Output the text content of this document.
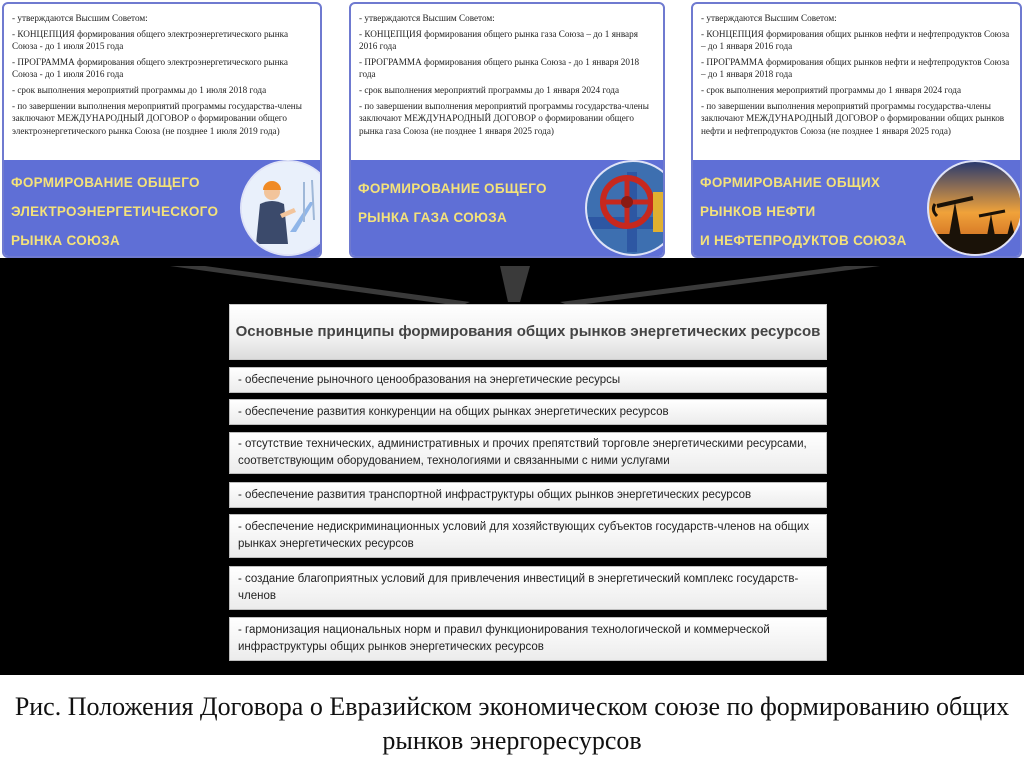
- утверждаются Высшим Советом:

- КОНЦЕПЦИЯ формирования общего электроэнергетического рынка Союза - до 1 июля 2015 года

- ПРОГРАММА формирования общего электроэнергетического рынка Союза - до 1 июля 2016 года

- срок выполнения мероприятий программы до 1 июля 2018 года

- по завершении выполнения мероприятий программы государства-члены заключают МЕЖДУНАРОДНЫЙ ДОГОВОР о формировании общего электроэнергетического рынка Союза (не позднее 1 июля 2019 года)

ФОРМИРОВАНИЕ ОБЩЕГО
ЭЛЕКТРОЭНЕРГЕТИЧЕСКОГО
РЫНКА СОЮЗА

- утверждаются Высшим Советом:

- КОНЦЕПЦИЯ формирования общего рынка газа Союза – до 1 января 2016 года

- ПРОГРАММА формирования общего рынка Союза - до 1 января 2018 года

- срок выполнения мероприятий программы до 1 января 2024 года

- по завершении выполнения мероприятий программы государства-члены заключают МЕЖДУНАРОДНЫЙ ДОГОВОР о формировании общего рынка газа Союза (не позднее 1 января 2025 года)

ФОРМИРОВАНИЕ ОБЩЕГО
РЫНКА ГАЗА СОЮЗА

- утверждаются Высшим Советом:

- КОНЦЕПЦИЯ формирования общих рынков нефти и нефтепродуктов Союза – до 1 января 2016 года

- ПРОГРАММА формирования общих рынков нефти и нефтепродуктов Союза – до 1 января 2018 года

- срок выполнения мероприятий программы до 1 января 2024 года

- по завершении выполнения мероприятий программы государства-члены заключают МЕЖДУНАРОДНЫЙ ДОГОВОР о формировании общих рынков нефти и нефтепродуктов Союза (не позднее 1 января 2025 года)

ФОРМИРОВАНИЕ ОБЩИХ
РЫНКОВ НЕФТИ
И НЕФТЕПРОДУКТОВ СОЮЗА
Основные принципы формирования общих рынков энергетических ресурсов
- обеспечение рыночного ценообразования на энергетические ресурсы
- обеспечение развития конкуренции на общих рынках энергетических ресурсов
- отсутствие технических, административных и прочих препятствий торговле энергетическими ресурсами, соответствующим оборудованием, технологиями и связанными с ними услугами
- обеспечение развития транспортной инфраструктуры общих рынков энергетических ресурсов
- обеспечение недискриминационных условий для хозяйствующих субъектов государств-членов на общих рынках энергетических ресурсов
- создание благоприятных условий для привлечения инвестиций в энергетический комплекс государств-членов
- гармонизация национальных норм и правил функционирования технологической и коммерческой инфраструктуры общих рынков энергетических ресурсов
Рис. Положения Договора о Евразийском экономическом союзе по формированию общих рынков энергоресурсов
